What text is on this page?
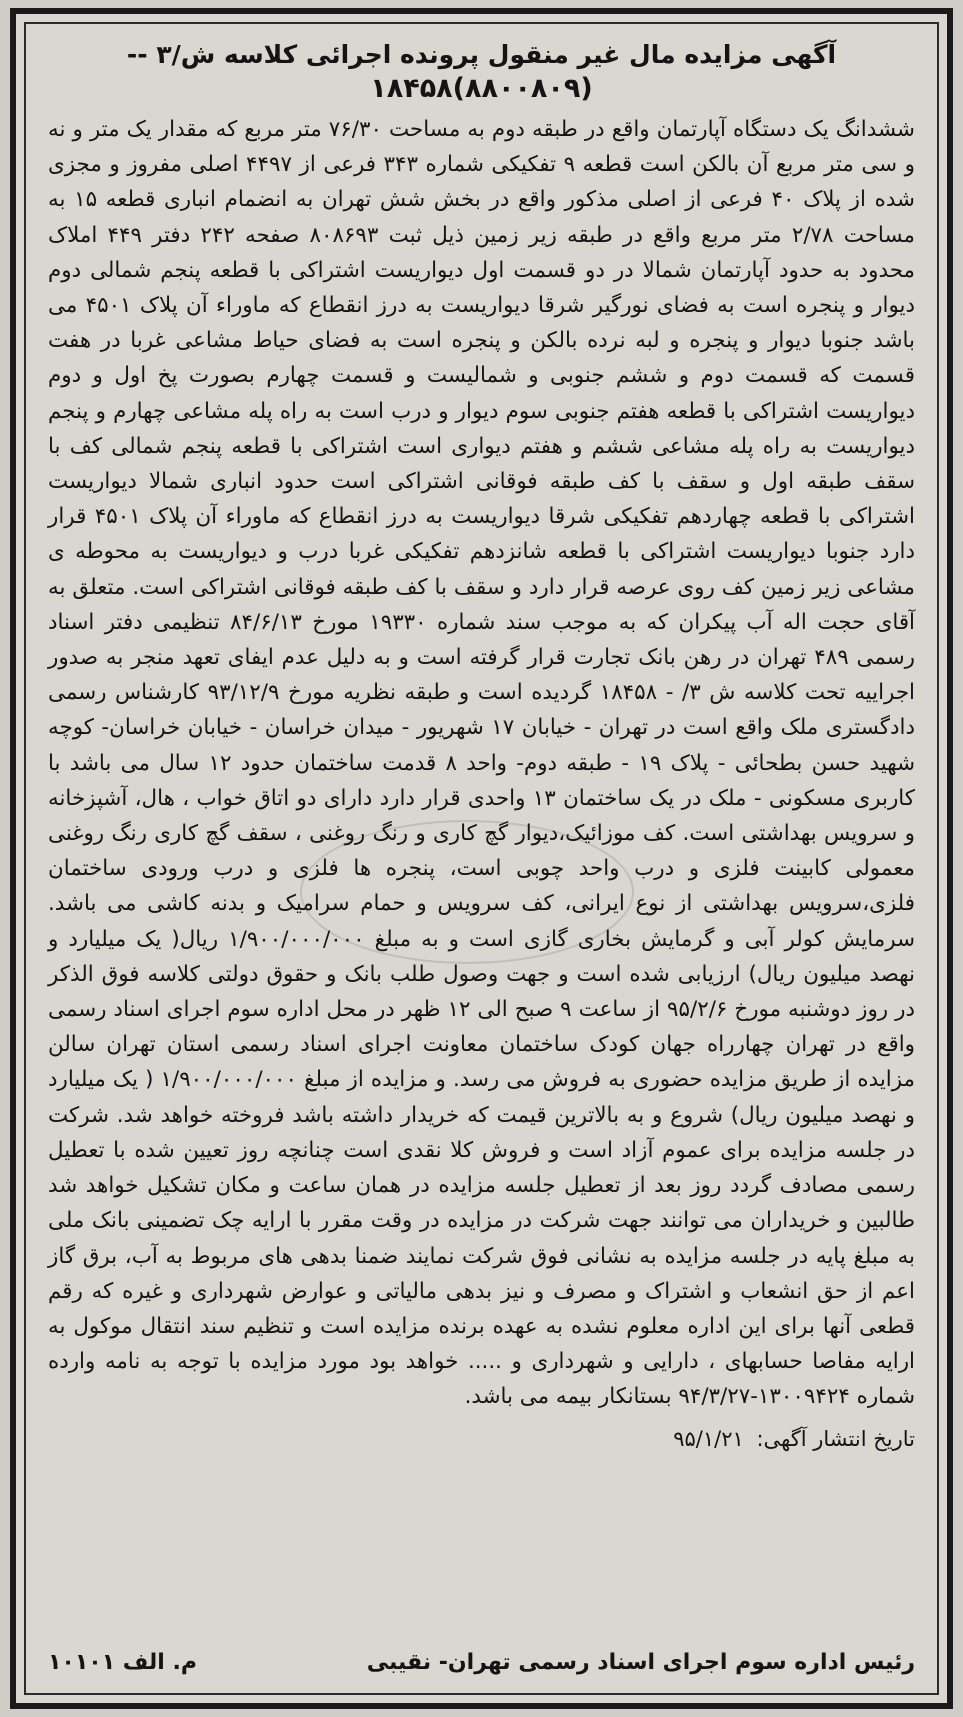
آگهی مزایده مال غیر منقول پرونده اجرائی کلاسه ش/۳ --
(۸۸۰۰۸۰۹)۱۸۴۵۸

ششدانگ یک دستگاه آپارتمان واقع در طبقه دوم به مساحت ۷۶/۳۰ متر مربع که مقدار یک متر و نه و سی متر مربع آن بالکن است قطعه ۹ تفکیکی شماره ۳۴۳ فرعی از ۴۴۹۷ اصلی مفروز و مجزی شده از پلاک ۴۰ فرعی از اصلی مذکور واقع در بخش شش تهران به انضمام انباری قطعه ۱۵ به مساحت ۲/۷۸ متر مربع واقع در طبقه زیر زمین ذیل ثبت ۸۰۸۶۹۳ صفحه ۲۴۲ دفتر ۴۴۹ املاک محدود به حدود آپارتمان شمالا در دو قسمت اول دیواریست اشتراکی با قطعه پنجم شمالی دوم دیوار و پنجره است به فضای نورگیر شرقا دیواریست به درز انقطاع که ماوراء آن پلاک ۴۵۰۱ می باشد جنوبا دیوار و پنجره و لبه نرده بالکن و پنجره است به فضای حیاط مشاعی غربا در هفت قسمت که قسمت دوم و ششم جنوبی و شمالیست و قسمت چهارم بصورت پخ اول و دوم دیواریست اشتراکی با قطعه هفتم جنوبی سوم دیوار و درب است به راه پله مشاعی چهارم و پنجم دیواریست به راه پله مشاعی ششم و هفتم دیواری است اشتراکی با قطعه پنجم شمالی کف با سقف طبقه اول و سقف با کف طبقه فوقانی اشتراکی است حدود انباری شمالا دیواریست اشتراکی با قطعه چهاردهم تفکیکی شرقا دیواریست به درز انقطاع که ماوراء آن پلاک ۴۵۰۱ قرار دارد جنوبا دیواریست اشتراکی با قطعه شانزدهم تفکیکی غربا درب و دیواریست به محوطه ی مشاعی زیر زمین کف روی عرصه قرار دارد و سقف با کف طبقه فوقانی اشتراکی است. متعلق به آقای حجت اله آب پیکران که به موجب سند شماره ۱۹۳۳۰ مورخ ۸۴/۶/۱۳ تنظیمی دفتر اسناد رسمی ۴۸۹ تهران در رهن بانک تجارت قرار گرفته است و به دلیل عدم ایفای تعهد منجر به صدور اجراییه تحت کلاسه ش ۳/ - ۱۸۴۵۸ گردیده است و طبقه نظریه مورخ ۹۳/۱۲/۹ کارشناس رسمی دادگستری ملک واقع است در تهران - خیابان ۱۷ شهریور - میدان خراسان - خیابان خراسان- کوچه شهید حسن بطحائی - پلاک ۱۹ - طبقه دوم- واحد ۸ قدمت ساختمان حدود ۱۲ سال می باشد با کاربری مسکونی - ملک در یک ساختمان ۱۳ واحدی قرار دارد دارای دو اتاق خواب ، هال، آشپزخانه و سرویس بهداشتی است. کف موزائیک،دیوار گچ کاری و رنگ روغنی ، سقف گچ کاری رنگ روغنی معمولی کابینت فلزی و درب واحد چوبی است، پنجره ها فلزی و درب ورودی ساختمان فلزی،سرویس بهداشتی از نوع ایرانی، کف سرویس و حمام سرامیک و بدنه کاشی می باشد. سرمایش کولر آبی و گرمایش بخاری گازی است و به مبلغ ۱/۹۰۰/۰۰۰/۰۰۰ ریال( یک میلیارد و نهصد میلیون ریال) ارزیابی شده است و جهت وصول طلب بانک و حقوق دولتی کلاسه فوق الذکر در روز دوشنبه مورخ ۹۵/۲/۶ از ساعت ۹ صبح الی ۱۲ ظهر در محل اداره سوم اجرای اسناد رسمی واقع در تهران چهارراه جهان کودک ساختمان معاونت اجرای اسناد رسمی استان تهران سالن مزایده از طریق مزایده حضوری به فروش می رسد. و مزایده از مبلغ ۱/۹۰۰/۰۰۰/۰۰۰ ( یک میلیارد و نهصد میلیون ریال) شروع و به بالاترین قیمت که خریدار داشته باشد فروخته خواهد شد. شرکت در جلسه مزایده برای عموم آزاد است و فروش کلا نقدی است چنانچه روز تعیین شده با تعطیل رسمی مصادف گردد روز بعد از تعطیل جلسه مزایده در همان ساعت و مکان تشکیل خواهد شد طالبین و خریداران می توانند جهت شرکت در مزایده در وقت مقرر با ارایه چک تضمینی بانک ملی به مبلغ پایه در جلسه مزایده به نشانی فوق شرکت نمایند ضمنا بدهی های مربوط به آب، برق گاز اعم از حق انشعاب و اشتراک و مصرف و نیز بدهی مالیاتی و عوارض شهرداری و غیره که رقم قطعی آنها برای این اداره معلوم نشده به عهده برنده مزایده است و تنظیم سند انتقال موکول به ارایه مفاصا حسابهای ، دارایی و شهرداری و ..... خواهد بود مورد مزایده با توجه به نامه وارده شماره ۱۳۰۰۹۴۲۴-۹۴/۳/۲۷ بستانکار بیمه می باشد.

تاریخ انتشار آگهی: ۹۵/۱/۲۱
رئیس اداره سوم اجرای اسناد رسمی تهران- نقیبی
م. الف ۱۰۱۰۱
